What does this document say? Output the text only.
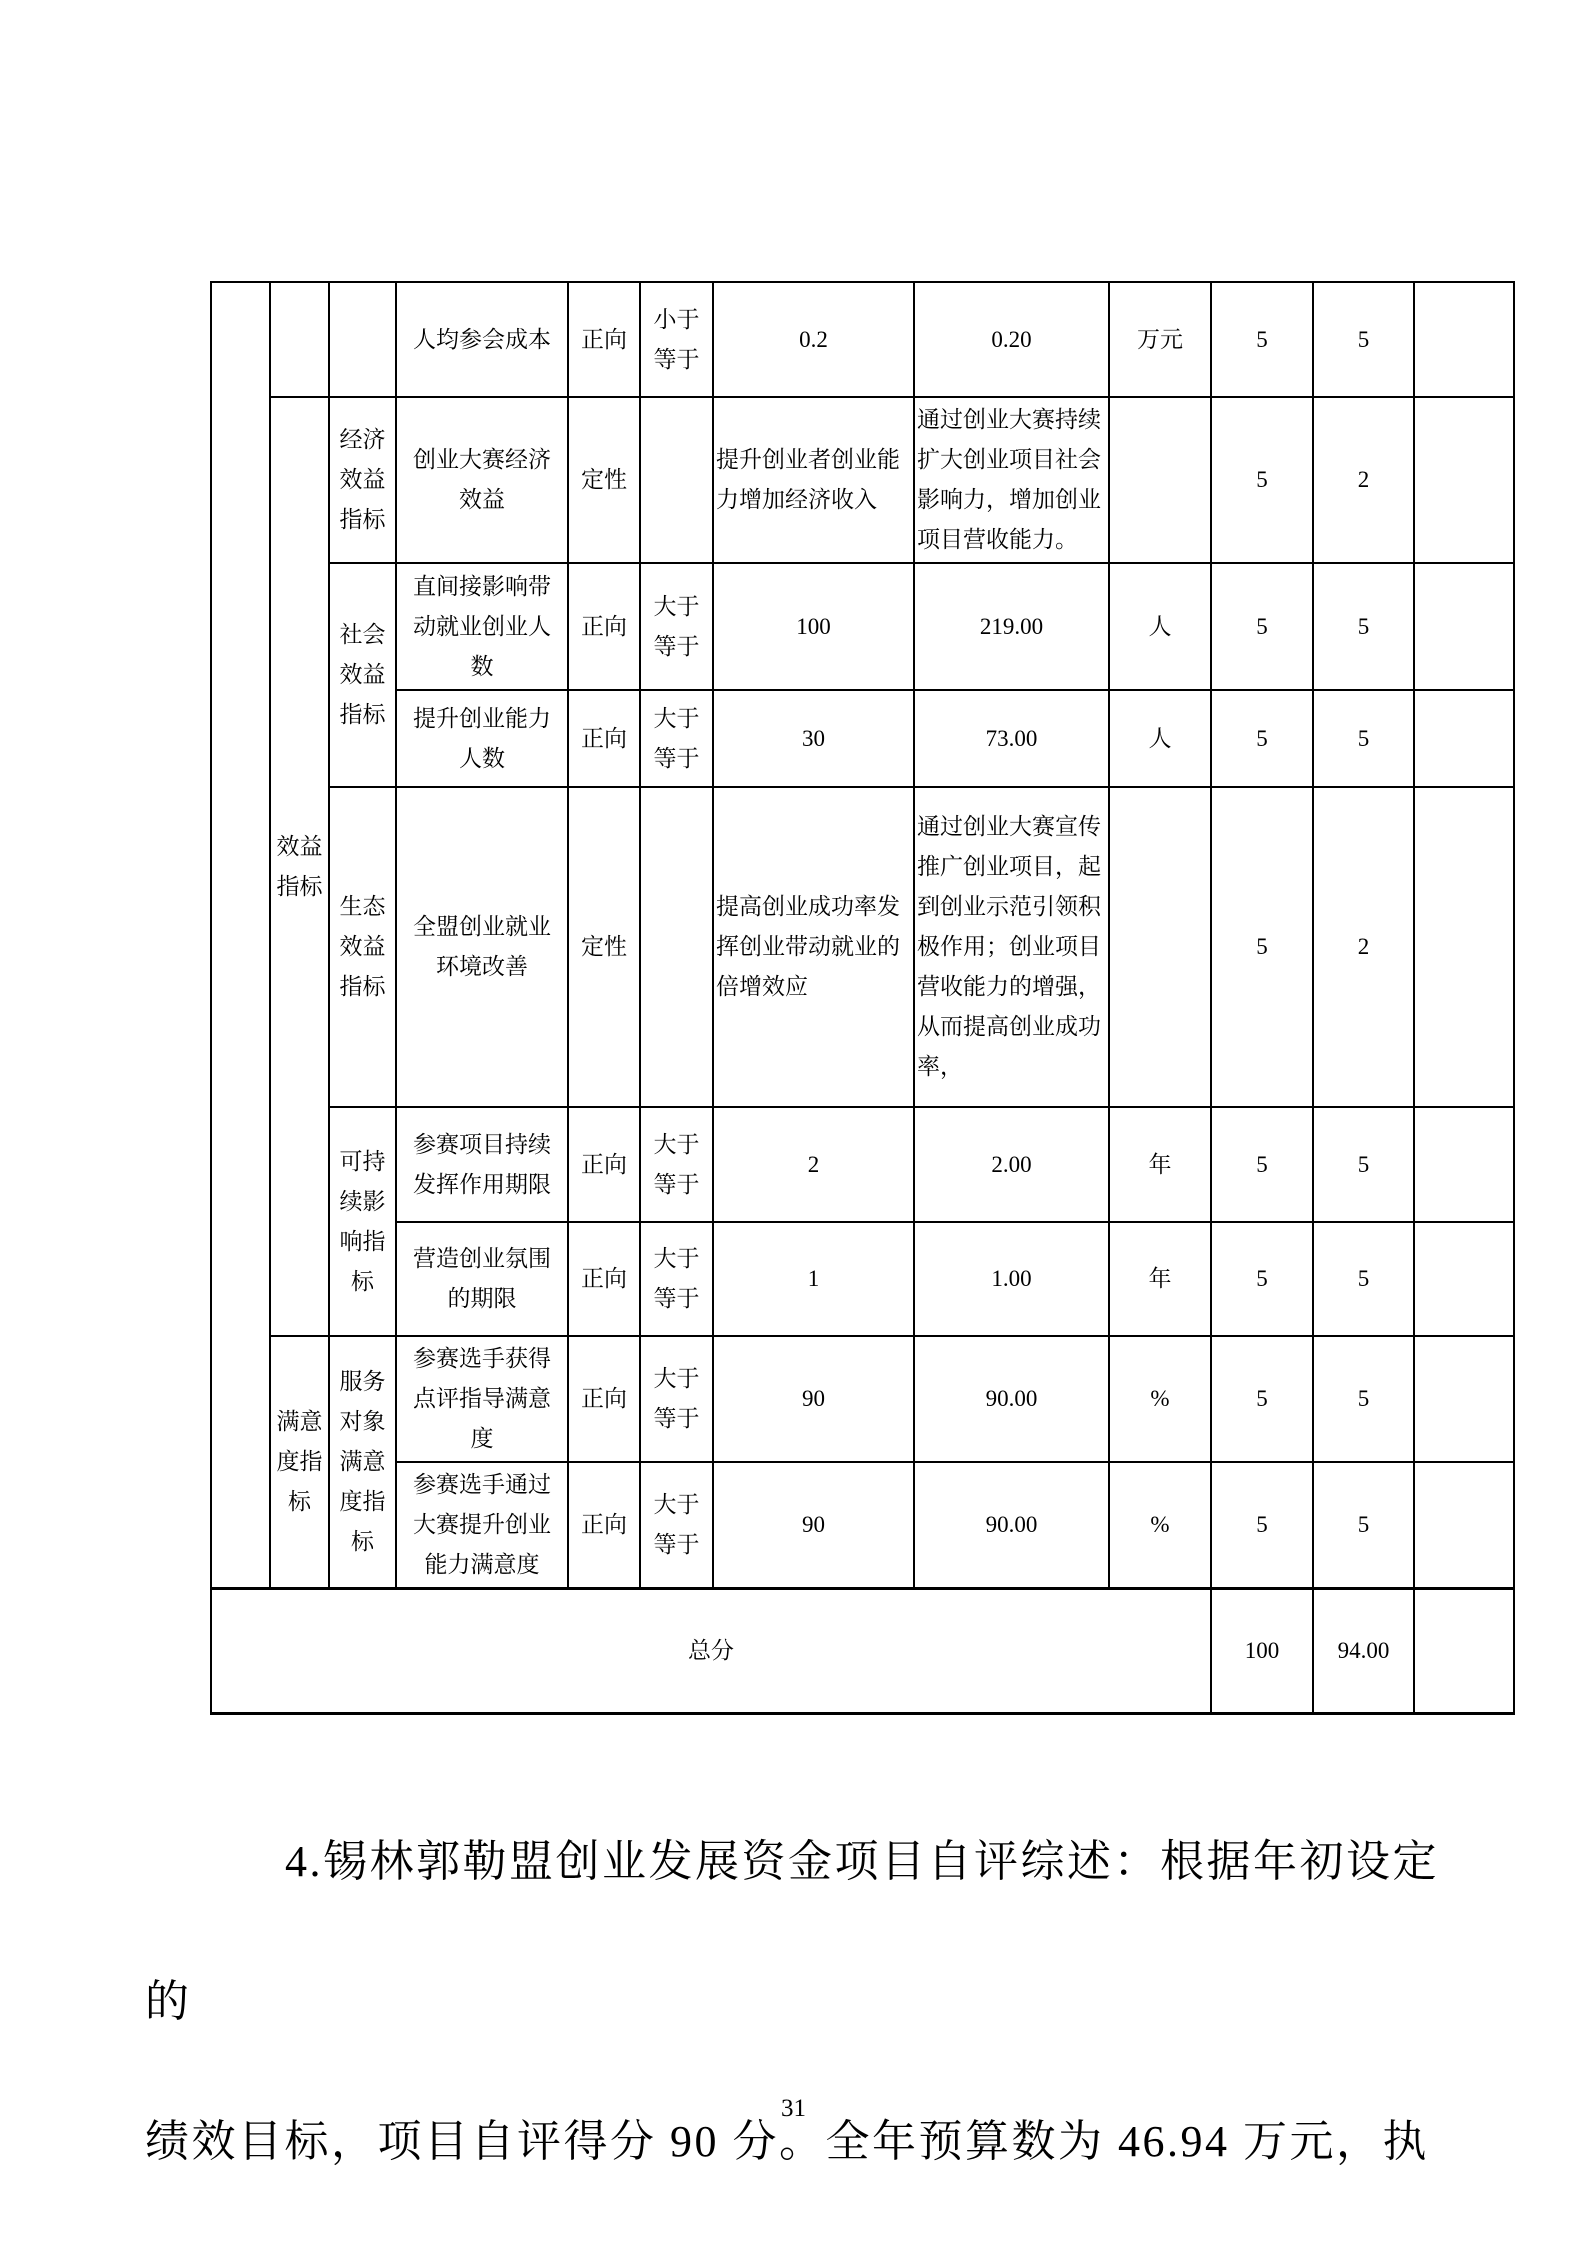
			人均参会成本	正向	小于等于	0.2	0.20	万元	5	5	
	效益指标	经济效益指标	创业大赛经济效益	定性		提升创业者创业能力增加经济收入	通过创业大赛持续扩大创业项目社会影响力，增加创业项目营收能力。		5	2	
		社会效益指标	直间接影响带动就业创业人数	正向	大于等于	100	219.00	人	5	5	
			提升创业能力人数	正向	大于等于	30	73.00	人	5	5	
		生态效益指标	全盟创业就业环境改善	定性		提高创业成功率发挥创业带动就业的倍增效应	通过创业大赛宣传推广创业项目，起到创业示范引领积极作用；创业项目营收能力的增强，从而提高创业成功率，		5	2	
		可持续影响指标	参赛项目持续发挥作用期限	正向	大于等于	2	2.00	年	5	5	
			营造创业氛围的期限	正向	大于等于	1	1.00	年	5	5	
	满意度指标	服务对象满意度指标	参赛选手获得点评指导满意度	正向	大于等于	90	90.00	%	5	5	
			参赛选手通过大赛提升创业能力满意度	正向	大于等于	90	90.00	%	5	5	
总分									100	94.00	
4.锡林郭勒盟创业发展资金项目自评综述：根据年初设定的
绩效目标，项目自评得分 90 分。全年预算数为 46.94 万元，执
31
